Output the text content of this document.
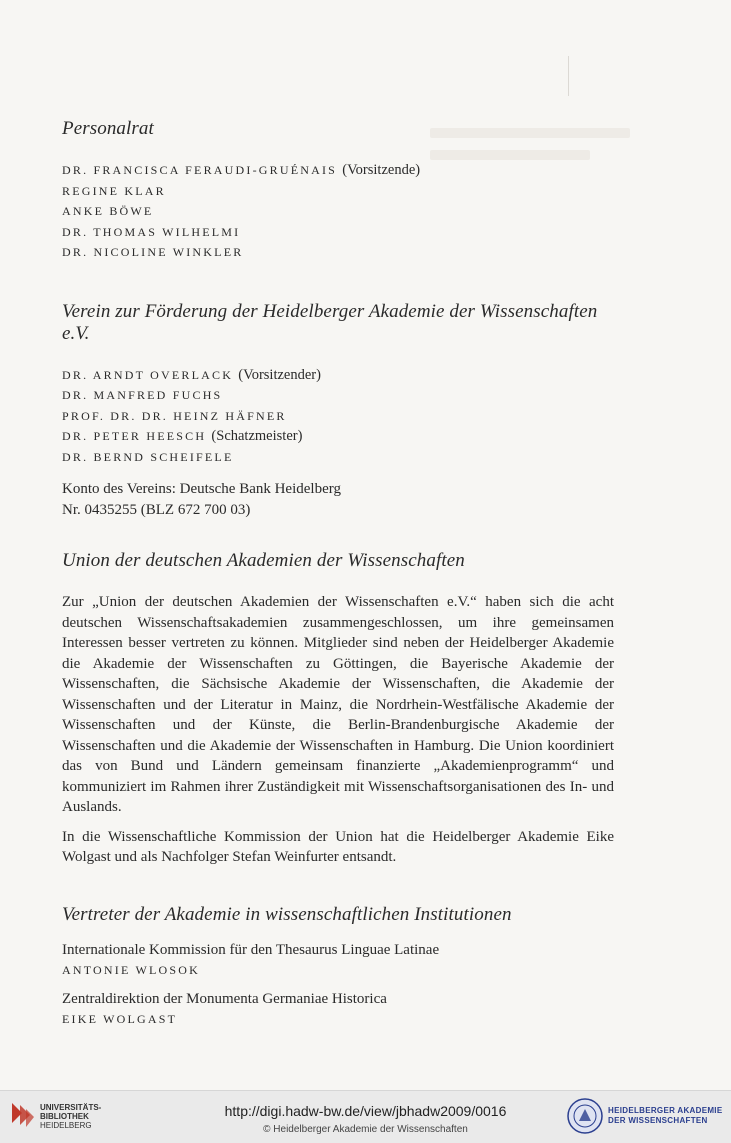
Personalrat
DR. FRANCISCA FERAUDI-GRUÉNAIS (Vorsitzende)
REGINE KLAR
ANKE BÖWE
DR. THOMAS WILHELMI
DR. NICOLINE WINKLER
Verein zur Förderung der Heidelberger Akademie der Wissenschaften e.V.
DR. ARNDT OVERLACK (Vorsitzender)
DR. MANFRED FUCHS
PROF. DR. DR. HEINZ HÄFNER
DR. PETER HEESCH (Schatzmeister)
DR. BERND SCHEIFELE
Konto des Vereins: Deutsche Bank Heidelberg
Nr. 0435255 (BLZ 672 700 03)
Union der deutschen Akademien der Wissenschaften

Zur „Union der deutschen Akademien der Wissenschaften e.V.“ haben sich die acht deutschen Wissenschaftsakademien zusammengeschlossen, um ihre gemeinsamen Interessen besser vertreten zu können. Mitglieder sind neben der Heidelberger Akademie die Akademie der Wissenschaften zu Göttingen, die Bayerische Akademie der Wissenschaften, die Sächsische Akademie der Wissenschaften, die Akademie der Wissenschaften und der Literatur in Mainz, die Nordrhein-Westfälische Akademie der Wissenschaften und der Künste, die Berlin-Brandenburgische Akademie der Wissenschaften und die Akademie der Wissenschaften in Hamburg. Die Union koordiniert das von Bund und Ländern gemeinsam finanzierte „Akademienprogramm“ und kommuniziert im Rahmen ihrer Zuständigkeit mit Wissenschaftsorganisationen des In- und Auslands.

In die Wissenschaftliche Kommission der Union hat die Heidelberger Akademie Eike Wolgast und als Nachfolger Stefan Weinfurter entsandt.

Vertreter der Akademie in wissenschaftlichen Institutionen
Internationale Kommission für den Thesaurus Linguae Latinae
ANTONIE WLOSOK
Zentraldirektion der Monumenta Germaniae Historica
EIKE WOLGAST
UNIVERSITÄTS-
BIBLIOTHEK
HEIDELBERG
http://digi.hadw-bw.de/view/jbhadw2009/0016
© Heidelberger Akademie der Wissenschaften
HEIDELBERGER AKADEMIE
DER WISSENSCHAFTEN
